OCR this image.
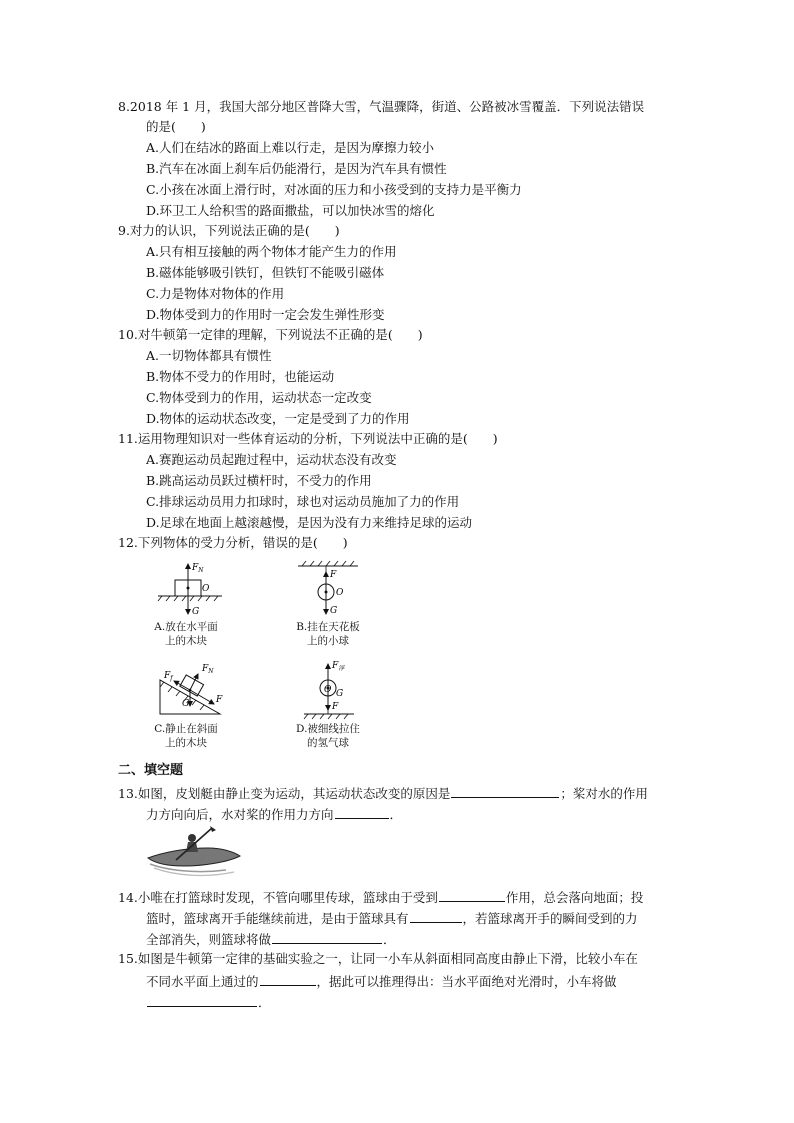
8.2018 年 1 月，我国大部分地区普降大雪，气温骤降，街道、公路被冰雪覆盖．下列说法错误
的是(　　)
A.人们在结冰的路面上难以行走，是因为摩擦力较小
B.汽车在冰面上刹车后仍能滑行，是因为汽车具有惯性
C.小孩在冰面上滑行时，对冰面的压力和小孩受到的支持力是平衡力
D.环卫工人给积雪的路面撒盐，可以加快冰雪的熔化
9.对力的认识，下列说法正确的是(　　)
A.只有相互接触的两个物体才能产生力的作用
B.磁体能够吸引铁钉，但铁钉不能吸引磁体
C.力是物体对物体的作用
D.物体受到力的作用时一定会发生弹性形变
10.对牛顿第一定律的理解，下列说法不正确的是(　　)
A.一切物体都具有惯性
B.物体不受力的作用时，也能运动
C.物体受到力的作用，运动状态一定改变
D.物体的运动状态改变，一定是受到了力的作用
11.运用物理知识对一些体育运动的分析，下列说法中正确的是(　　)
A.赛跑运动员起跑过程中，运动状态没有改变
B.跳高运动员跃过横杆时，不受力的作用
C.排球运动员用力扣球时，球也对运动员施加了力的作用
D.足球在地面上越滚越慢，是因为没有力来维持足球的运动
12.下列物体的受力分析，错误的是(　　)
$F_N$
O
G
A.放在水平面
上的木块
F
O
G
B.挂在天花板
上的小球
$F_f$
$F_N$
G	F
C.静止在斜面
上的木块
$F_浮$
O G
F
D.被细线拉住
的氢气球
二、填空题
13.如图，皮划艇由静止变为运动，其运动状态改变的原因是	；桨对水的作用
力方向向后，水对桨的作用力方向	．
14.小唯在打篮球时发现，不管向哪里传球，篮球由于受到	作用，总会落向地面；投
篮时，篮球离开手能继续前进，是由于篮球具有	，若篮球离开手的瞬间受到的力
全部消失，则篮球将做	．
15.如图是牛顿第一定律的基础实验之一，让同一小车从斜面相同高度由静止下滑，比较小车在
不同水平面上通过的	，据此可以推理得出：当水平面绝对光滑时，小车将做
．
